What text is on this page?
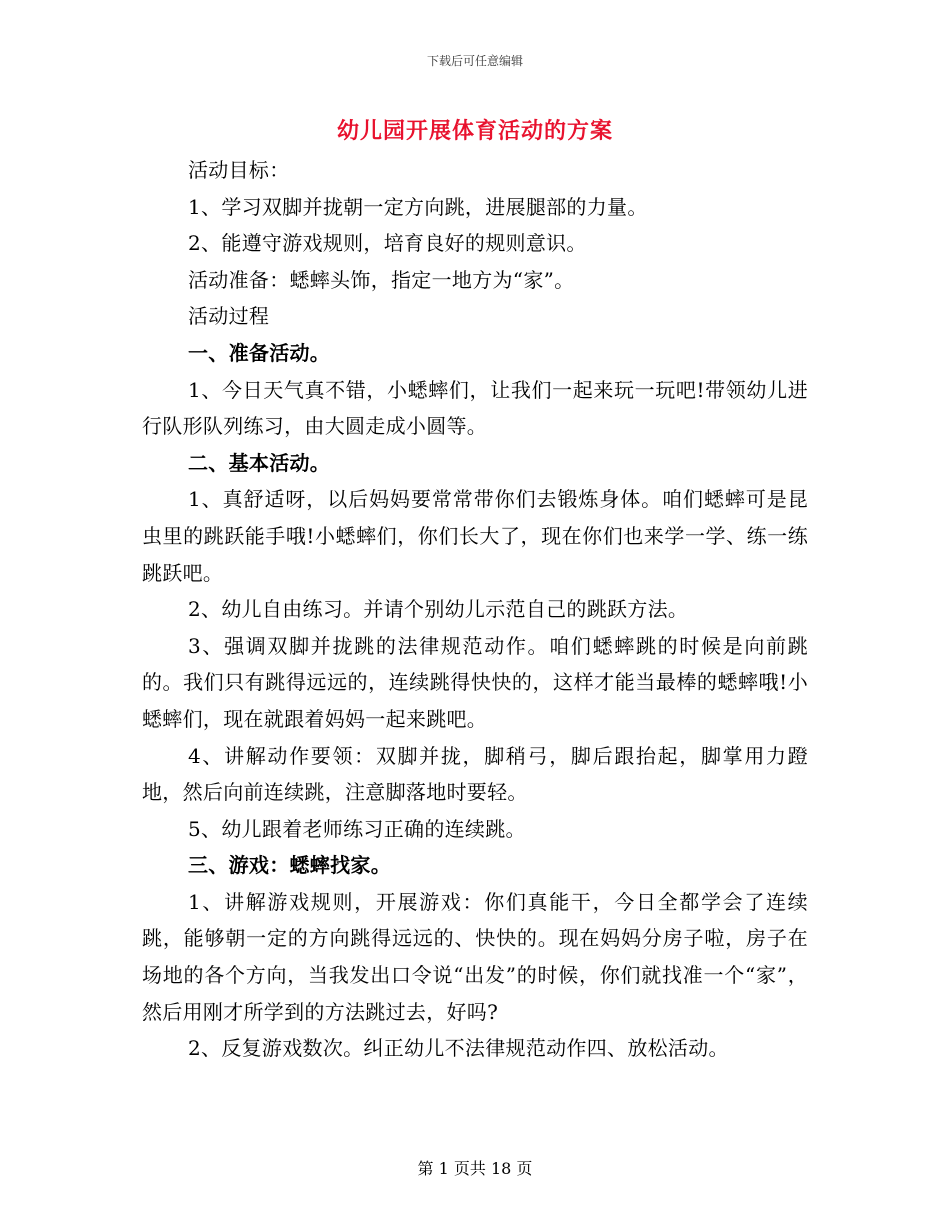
下载后可任意编辑
幼儿园开展体育活动的方案

活动目标：

1、学习双脚并拢朝一定方向跳，进展腿部的力量。

2、能遵守游戏规则，培育良好的规则意识。

活动准备：蟋蟀头饰，指定一地方为“家”。

活动过程

一、准备活动。

1、今日天气真不错，小蟋蟀们，让我们一起来玩一玩吧!带领幼儿进行队形队列练习，由大圆走成小圆等。

二、基本活动。

1、真舒适呀，以后妈妈要常常带你们去锻炼身体。咱们蟋蟀可是昆虫里的跳跃能手哦!小蟋蟀们，你们长大了，现在你们也来学一学、练一练跳跃吧。

2、幼儿自由练习。并请个别幼儿示范自己的跳跃方法。

3、强调双脚并拢跳的法律规范动作。咱们蟋蟀跳的时候是向前跳的。我们只有跳得远远的，连续跳得快快的，这样才能当最棒的蟋蟀哦!小蟋蟀们，现在就跟着妈妈一起来跳吧。

4、讲解动作要领：双脚并拢，脚稍弓，脚后跟抬起，脚掌用力蹬地，然后向前连续跳，注意脚落地时要轻。

5、幼儿跟着老师练习正确的连续跳。

三、游戏：蟋蟀找家。

1、讲解游戏规则，开展游戏：你们真能干，今日全都学会了连续跳，能够朝一定的方向跳得远远的、快快的。现在妈妈分房子啦，房子在场地的各个方向，当我发出口令说“出发”的时候，你们就找准一个“家”，然后用刚才所学到的方法跳过去，好吗?

2、反复游戏数次。纠正幼儿不法律规范动作四、放松活动。

第 1 页共 18 页
